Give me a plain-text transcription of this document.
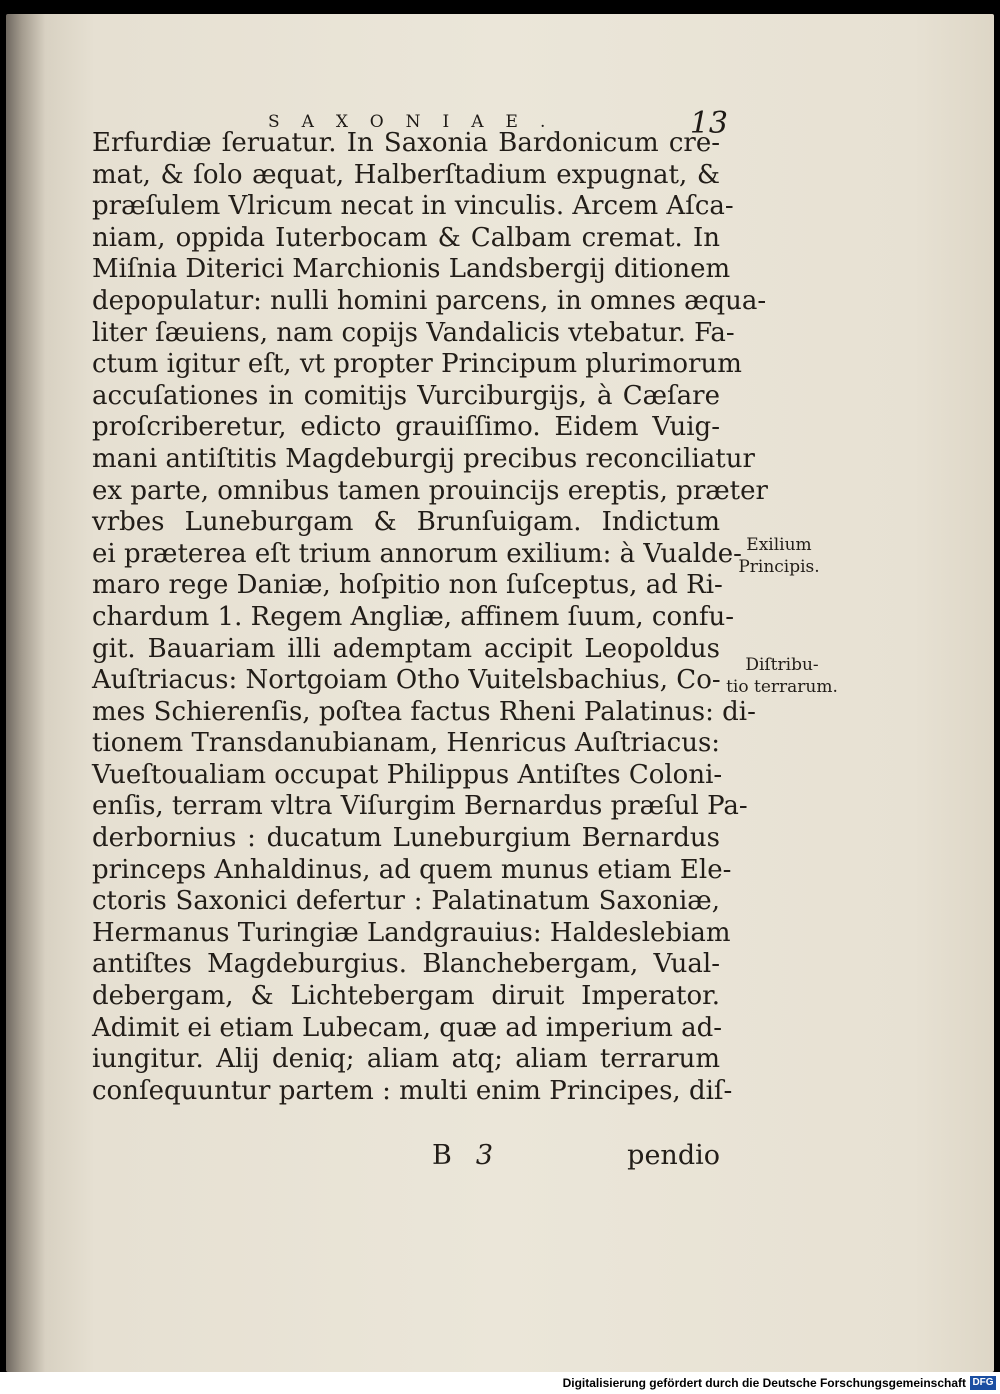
SAXONIAE.	13
Erfurdiæ ſeruatur. In Saxonia Bardonicum cre-
mat, & ſolo æquat, Halberſtadium expugnat, &
præſulem Vlricum necat in vinculis. Arcem Aſca-
niam, oppida Iuterbocam & Calbam cremat. In
Miſnia Diterici Marchionis Landsbergij ditionem
depopulatur: nulli homini parcens, in omnes æqua-
liter ſæuiens, nam copijs Vandalicis vtebatur. Fa-
ctum igitur eſt, vt propter Principum plurimorum
accuſationes in comitijs Vurciburgijs, à Cæſare
proſcriberetur, edicto grauiſſimo. Eidem Vuig-
mani antiſtitis Magdeburgij precibus reconciliatur
ex parte, omnibus tamen prouincijs ereptis, præter
vrbes Luneburgam & Brunſuigam. Indictum
ei præterea eſt trium annorum exilium: à Vualde-
maro rege Daniæ, hoſpitio non ſuſceptus, ad Ri-
chardum 1. Regem Angliæ, affinem ſuum, confu-
git. Bauariam illi ademptam accipit Leopoldus
Auſtriacus: Nortgoiam Otho Vuitelsbachius, Co-
mes Schierenſis, poſtea factus Rheni Palatinus: di-
tionem Transdanubianam, Henricus Auſtriacus:
Vueſtoualiam occupat Philippus Antiſtes Coloni-
enſis, terram vltra Viſurgim Bernardus præſul Pa-
derbornius : ducatum Luneburgium Bernardus
princeps Anhaldinus, ad quem munus etiam Ele-
ctoris Saxonici defertur : Palatinatum Saxoniæ,
Hermanus Turingiæ Landgrauius: Haldeslebiam
antiſtes Magdeburgius. Blanchebergam, Vual-
debergam, & Lichtebergam diruit Imperator.
Adimit ei etiam Lubecam, quæ ad imperium ad-
iungitur. Alij deniq; aliam atq; aliam terrarum
conſequuntur partem : multi enim Principes, diſ-
B 3	pendio
Exilium
Principis.
Diſtribu-
tio terrarum.
Digitalisierung gefördert durch die Deutsche Forschungsgemeinschaft DFG
